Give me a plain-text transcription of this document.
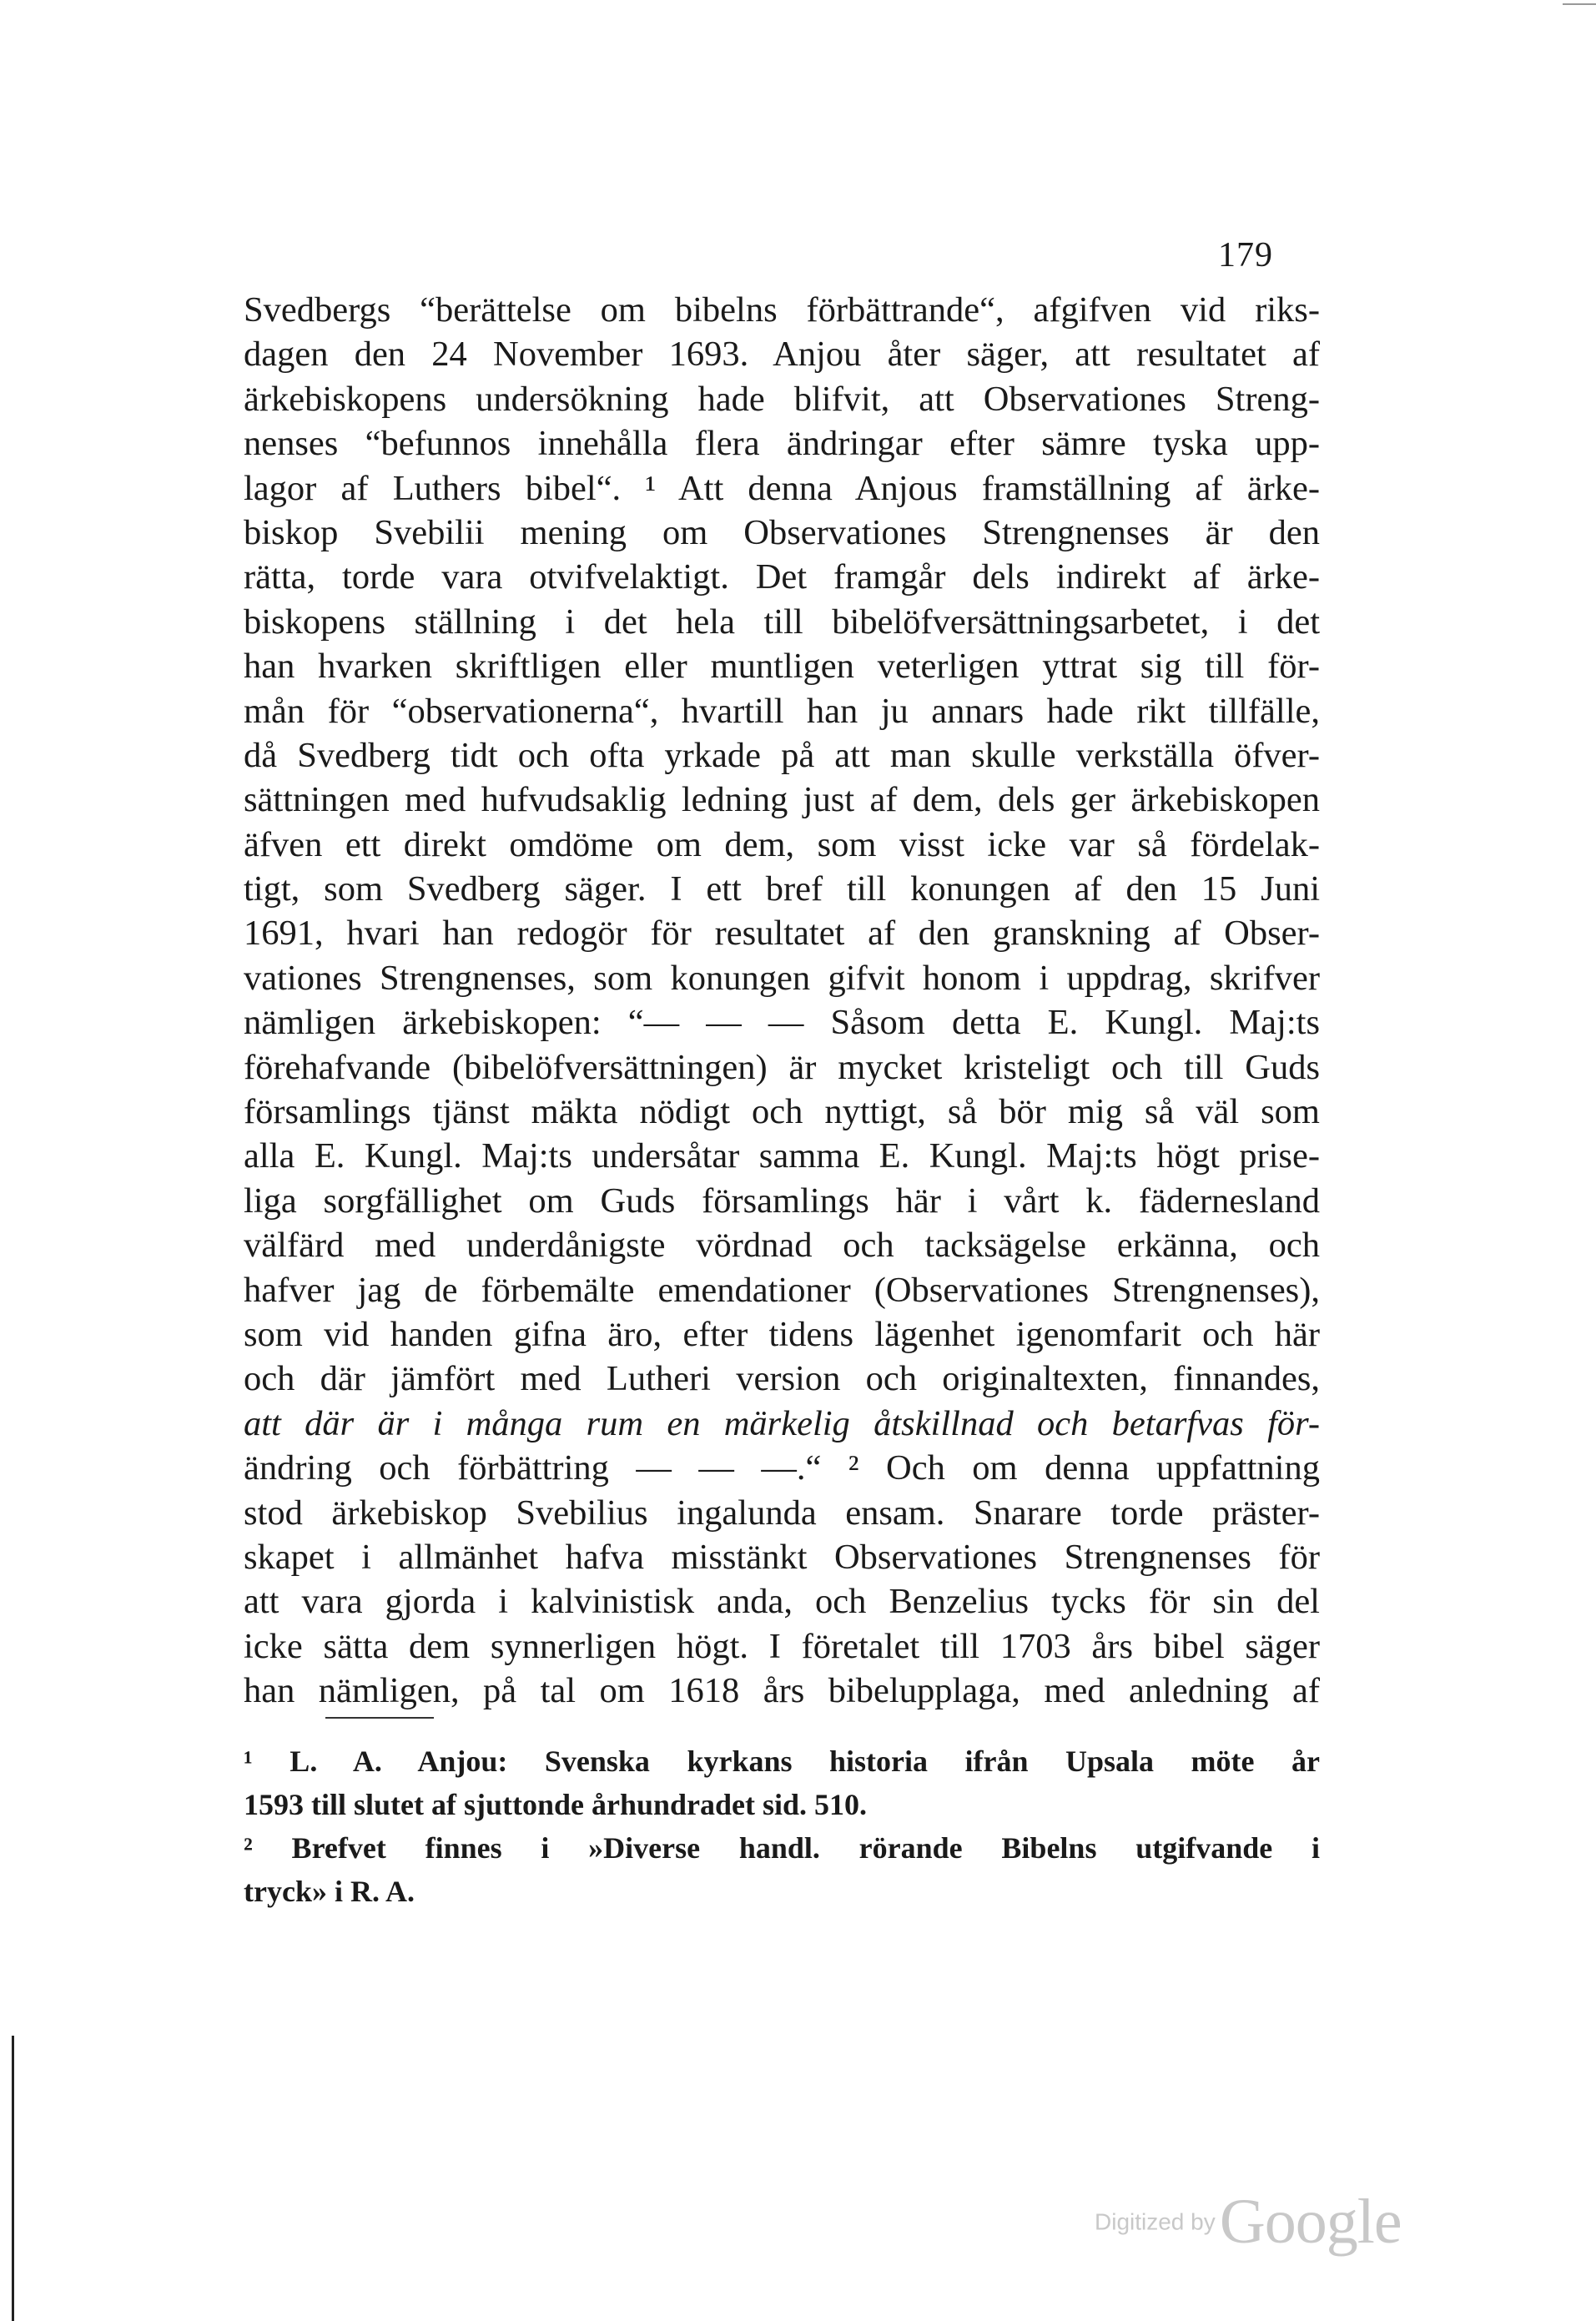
179
Svedbergs “berättelse om bibelns förbättrande“, afgifven vid riks-
dagen den 24 November 1693. Anjou åter säger, att resultatet af
ärkebiskopens undersökning hade blifvit, att Observationes Streng-
nenses “befunnos innehålla flera ändringar efter sämre tyska upp-
lagor af Luthers bibel“. ¹ Att denna Anjous framställning af ärke-
biskop Svebilii mening om Observationes Strengnenses är den
rätta, torde vara otvifvelaktigt. Det framgår dels indirekt af ärke-
biskopens ställning i det hela till bibelöfversättningsarbetet, i det
han hvarken skriftligen eller muntligen veterligen yttrat sig till för-
mån för “observationerna“, hvartill han ju annars hade rikt tillfälle,
då Svedberg tidt och ofta yrkade på att man skulle verkställa öfver-
sättningen med hufvudsaklig ledning just af dem, dels ger ärkebiskopen
äfven ett direkt omdöme om dem, som visst icke var så fördelak-
tigt, som Svedberg säger. I ett bref till konungen af den 15 Juni
1691, hvari han redogör för resultatet af den granskning af Obser-
vationes Strengnenses, som konungen gifvit honom i uppdrag, skrifver
nämligen ärkebiskopen: “— — — Såsom detta E. Kungl. Maj:ts
förehafvande (bibelöfversättningen) är mycket kristeligt och till Guds
församlings tjänst mäkta nödigt och nyttigt, så bör mig så väl som
alla E. Kungl. Maj:ts undersåtar samma E. Kungl. Maj:ts högt prise-
liga sorgfällighet om Guds församlings här i vårt k. fädernesland
välfärd med underdånigste vördnad och tacksägelse erkänna, och
hafver jag de förbemälte emendationer (Observationes Strengnenses),
som vid handen gifna äro, efter tidens lägenhet igenomfarit och här
och där jämfört med Lutheri version och originaltexten, finnandes,
att där är i många rum en märkelig åtskillnad och betarfvas för-
ändring och förbättring — — —.“ ² Och om denna uppfattning
stod ärkebiskop Svebilius ingalunda ensam. Snarare torde präster-
skapet i allmänhet hafva misstänkt Observationes Strengnenses för
att vara gjorda i kalvinistisk anda, och Benzelius tycks för sin del
icke sätta dem synnerligen högt. I företalet till 1703 års bibel säger
han nämligen, på tal om 1618 års bibelupplaga, med anledning af
¹ L. A. Anjou: Svenska kyrkans historia ifrån Upsala möte år
1593 till slutet af sjuttonde århundradet sid. 510.
² Brefvet finnes i »Diverse handl. rörande Bibelns utgifvande i
tryck» i R. A.
Digitized by Google
